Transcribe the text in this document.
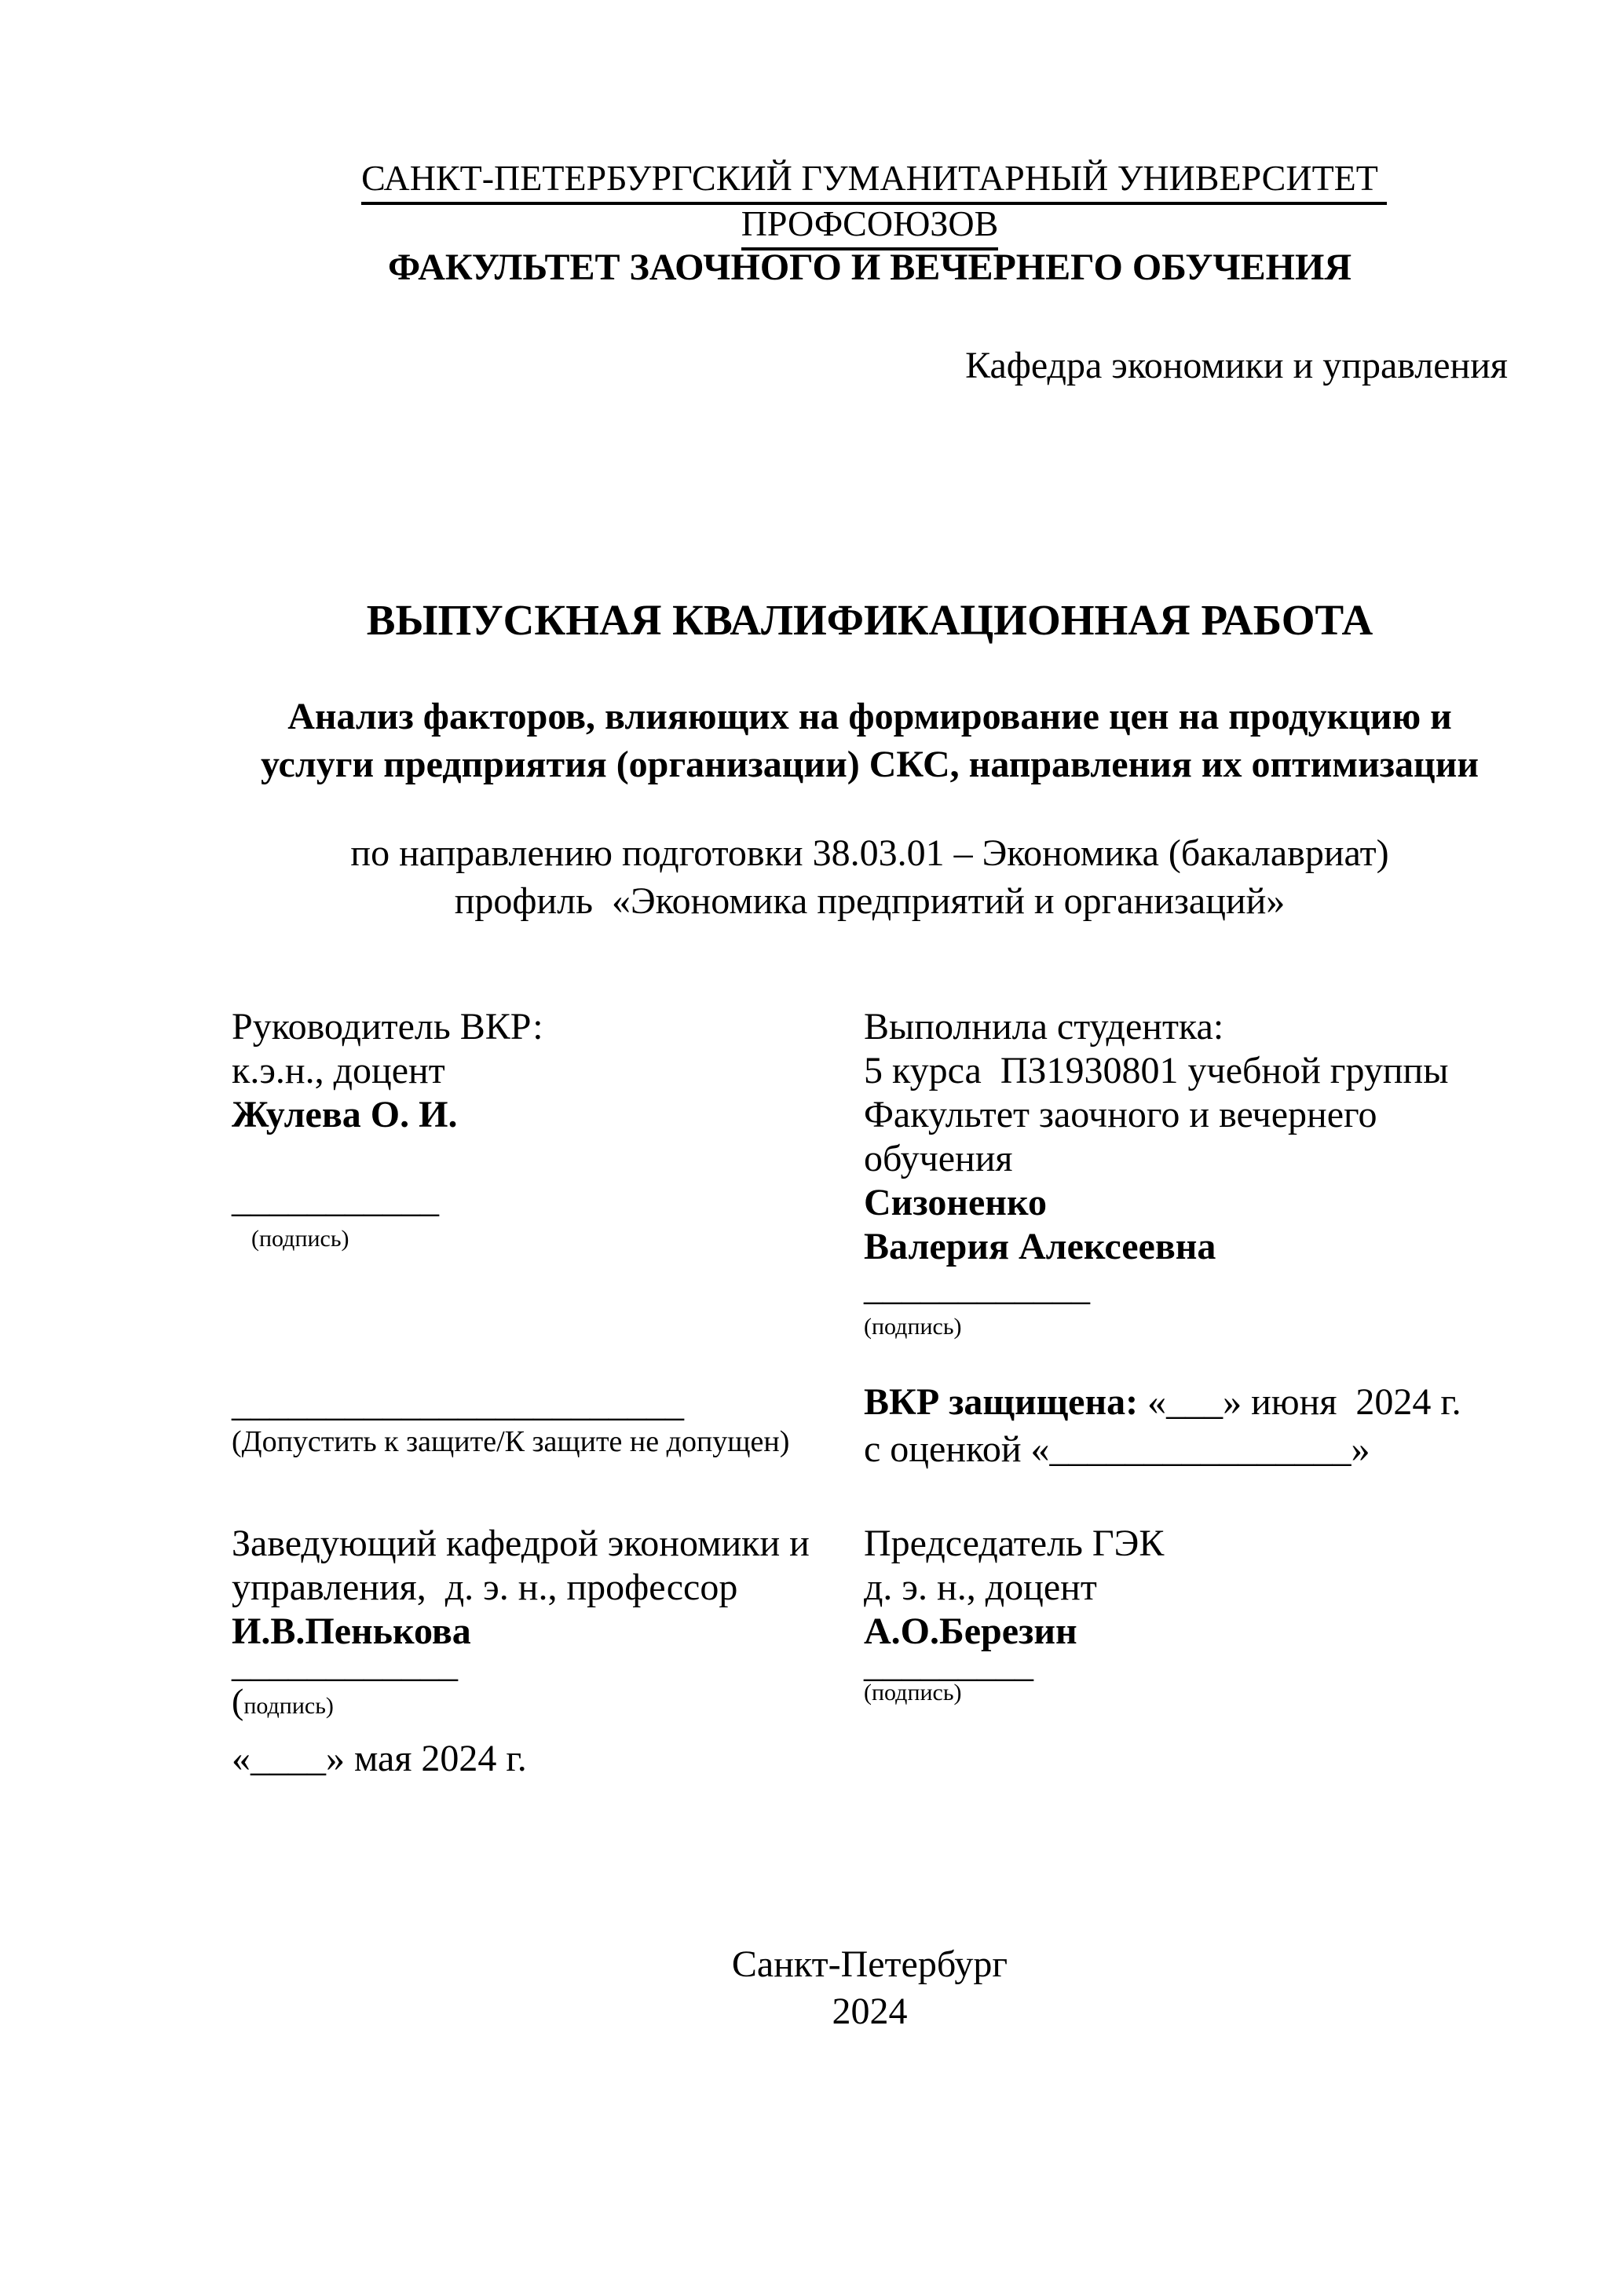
САНКТ-ПЕТЕРБУРГСКИЙ ГУМАНИТАРНЫЙ УНИВЕРСИТЕТ ПРОФСОЮЗОВ
ФАКУЛЬТЕТ ЗАОЧНОГО И ВЕЧЕРНЕГО ОБУЧЕНИЯ
Кафедра экономики и управления
ВЫПУСКНАЯ КВАЛИФИКАЦИОННАЯ РАБОТА
Анализ факторов, влияющих на формирование цен на продукцию и
услуги предприятия (организации) СКС, направления их оптимизации
по направлению подготовки 38.03.01 – Экономика (бакалавриат)
профиль  «Экономика предприятий и организаций»
Руководитель ВКР:
к.э.н., доцент
Жулева О. И.
___________
(подпись)
Выполнила студентка:
5 курса  ПЗ1930801 учебной группы
Факультет заочного и вечернего
обучения
Сизоненко
Валерия Алексеевна
____________
(подпись)
________________________
(Допустить к защите/К защите не допущен)
ВКР защищена: «___» июня  2024 г.
с оценкой «________________»
Заведующий кафедрой экономики и
управления,  д. э. н., профессор
И.В.Пенькова
____________
(подпись)
«____» мая 2024 г.
Председатель ГЭК
д. э. н., доцент
А.О.Березин
_________
(подпись)
Санкт-Петербург
2024
